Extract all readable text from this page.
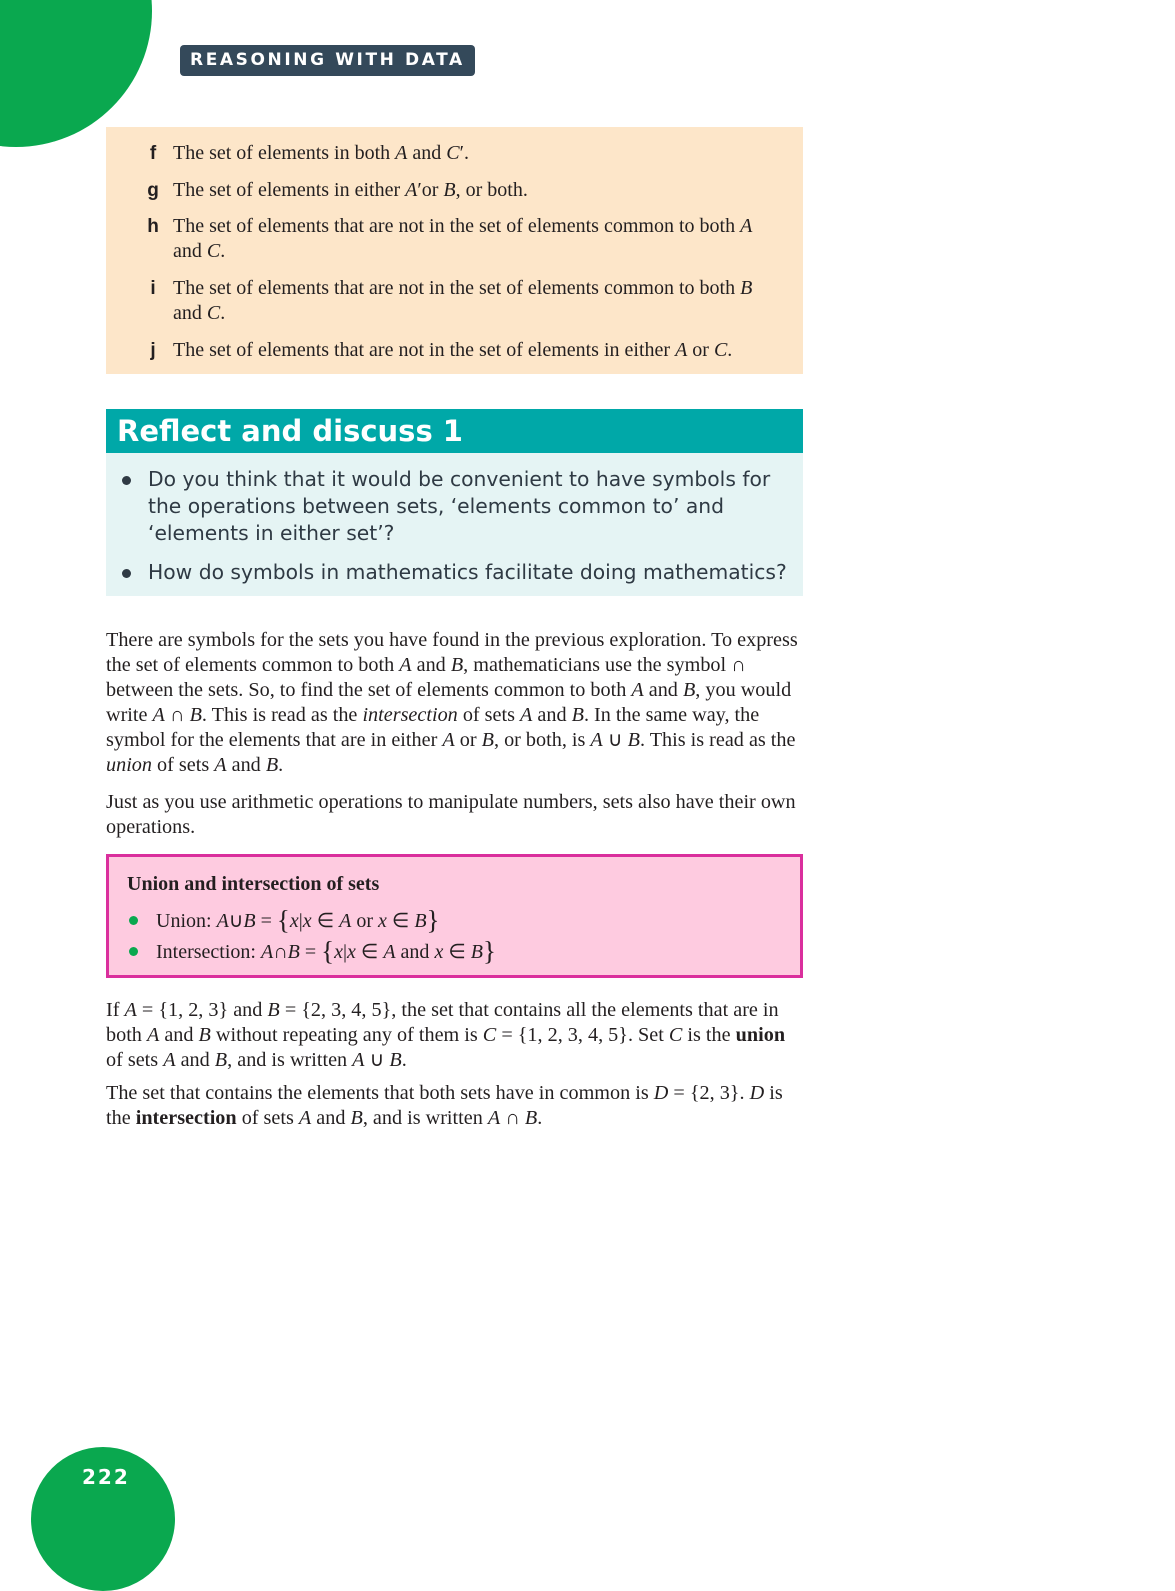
REASONING WITH DATA
f The set of elements in both A and C′.
g The set of elements in either A′or B, or both.
h The set of elements that are not in the set of elements common to both A and C.
i The set of elements that are not in the set of elements common to both B and C.
j The set of elements that are not in the set of elements in either A or C.
Reflect and discuss 1
Do you think that it would be convenient to have symbols for the operations between sets, ‘elements common to’ and ‘elements in either set’?
How do symbols in mathematics facilitate doing mathematics?
There are symbols for the sets you have found in the previous exploration. To express the set of elements common to both A and B, mathematicians use the symbol ∩ between the sets. So, to find the set of elements common to both A and B, you would write A ∩ B. This is read as the intersection of sets A and B. In the same way, the symbol for the elements that are in either A or B, or both, is A ∪ B. This is read as the union of sets A and B.
Just as you use arithmetic operations to manipulate numbers, sets also have their own operations.
Union and intersection of sets
Union: A∪B = {x|x ∈ A or x ∈ B}
Intersection: A∩B = {x|x ∈ A and x ∈ B}
If A = {1, 2, 3} and B = {2, 3, 4, 5}, the set that contains all the elements that are in both A and B without repeating any of them is C = {1, 2, 3, 4, 5}. Set C is the union of sets A and B, and is written A ∪ B.
The set that contains the elements that both sets have in common is D = {2, 3}. D is the intersection of sets A and B, and is written A ∩ B.
222
